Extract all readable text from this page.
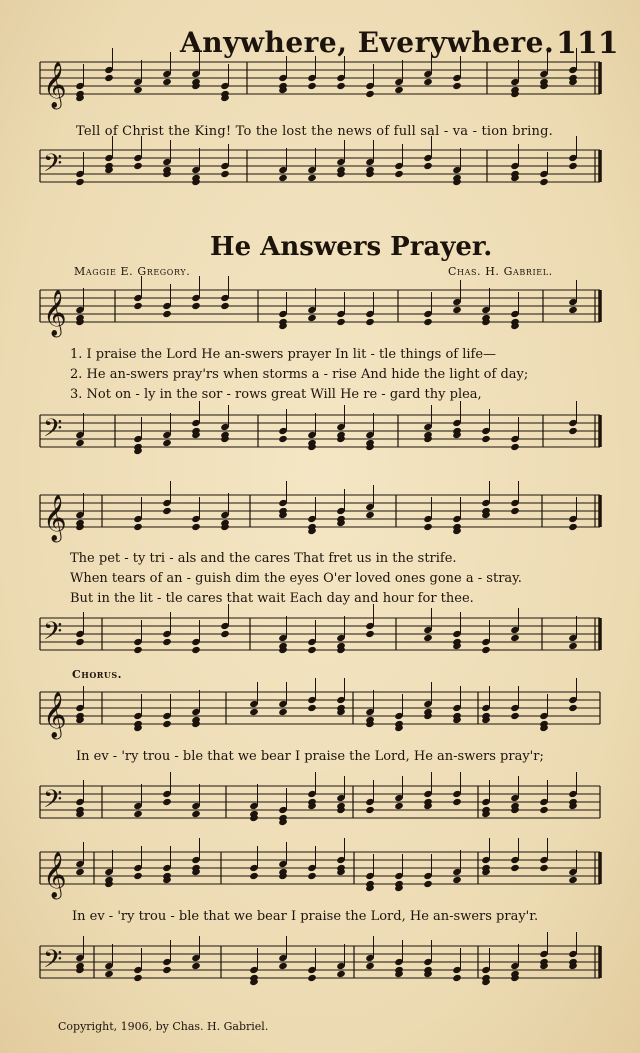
𝄞
𝄢
𝄞
𝄢
𝄞
𝄢
𝄞
𝄢
𝄞
𝄢
Anywhere, Everywhere. 111
Tell of Christ the King! To the lost the news of full sal - va - tion bring.
He Answers Prayer.
Maggie E. Gregory.	Chas. H. Gabriel.
1. I praise the Lord He an-swers prayer In lit - tle things of life—
2. He an-swers pray'rs when storms a - rise And hide the light of day;
3. Not on - ly in the sor - rows great Will He re - gard thy plea,
The pet - ty tri - als and the cares That fret us in the strife.
When tears of an - guish dim the eyes O'er loved ones gone a - stray.
But in the lit - tle cares that wait Each day and hour for thee.
Chorus.
In ev - 'ry trou - ble that we bear I praise the Lord, He an-swers pray'r;
In ev - 'ry trou - ble that we bear I praise the Lord, He an-swers pray'r.
Copyright, 1906, by Chas. H. Gabriel.
